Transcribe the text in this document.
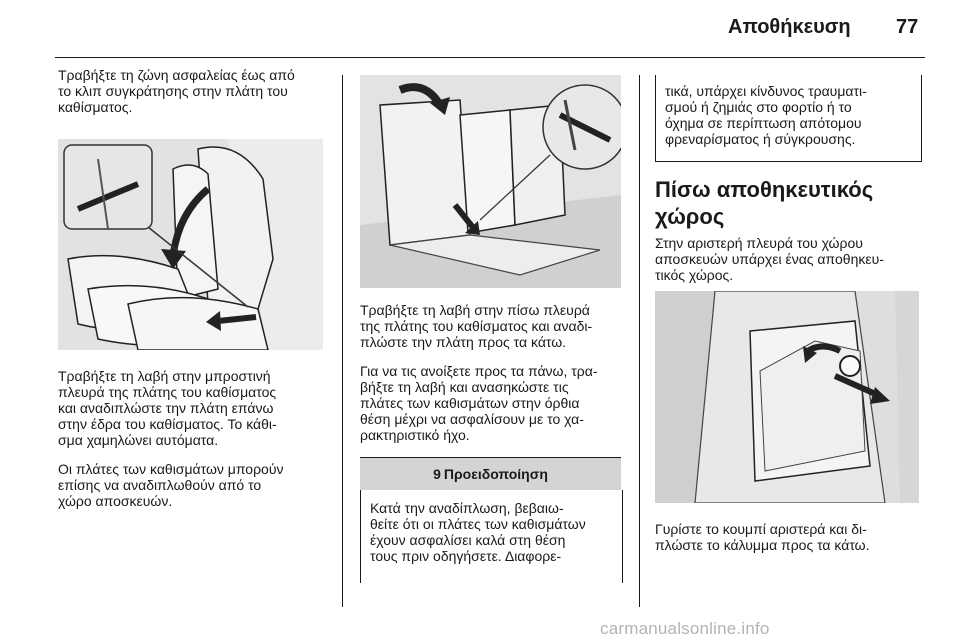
Αποθήκευση 77

Τραβήξτε τη ζώνη ασφαλείας έως από
το κλιπ συγκράτησης στην πλάτη του
καθίσματος.

Τραβήξτε τη λαβή στην μπροστινή
πλευρά της πλάτης του καθίσματος
και αναδιπλώστε την πλάτη επάνω
στην έδρα του καθίσματος. Το κάθι-
σμα χαμηλώνει αυτόματα.

Οι πλάτες των καθισμάτων μπορούν
επίσης να αναδιπλωθούν από το
χώρο αποσκευών.

Τραβήξτε τη λαβή στην πίσω πλευρά
της πλάτης του καθίσματος και αναδι-
πλώστε την πλάτη προς τα κάτω.

Για να τις ανοίξετε προς τα πάνω, τρα-
βήξτε τη λαβή και ανασηκώστε τις
πλάτες των καθισμάτων στην όρθια
θέση μέχρι να ασφαλίσουν με το χα-
ρακτηριστικό ήχο.

9 Προειδοποίηση

Κατά την αναδίπλωση, βεβαιω-
θείτε ότι οι πλάτες των καθισμάτων
έχουν ασφαλίσει καλά στη θέση
τους πριν οδηγήσετε. Διαφορε-

τικά, υπάρχει κίνδυνος τραυματι-
σμού ή ζημιάς στο φορτίο ή το
όχημα σε περίπτωση απότομου
φρεναρίσματος ή σύγκρουσης.

Πίσω αποθηκευτικός
χώρος

Στην αριστερή πλευρά του χώρου
αποσκευών υπάρχει ένας αποθηκευ-
τικός χώρος.

Γυρίστε το κουμπί αριστερά και δι-
πλώστε το κάλυμμα προς τα κάτω.

carmanualsonline.info
